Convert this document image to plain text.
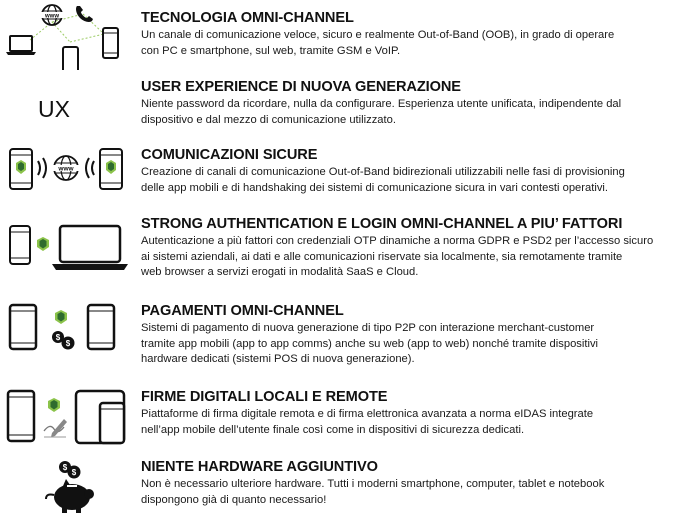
www	TECNOLOGIA OMNI-CHANNEL
Un canale di comunicazione veloce, sicuro e realmente Out-of-Band (OOB), in grado di operare
con PC e smartphone, sul web, tramite GSM e VoIP.
UX
USER EXPERIENCE DI NUOVA GENERAZIONE
Niente password da ricordare, nulla da configurare. Esperienza utente unificata, indipendente dal
dispositivo e dal mezzo di comunicazione utilizzato.
www
COMUNICAZIONI SICURE
Creazione di canali di comunicazione Out-of-Band bidirezionali utilizzabili nelle fasi di provisioning
delle app mobili e di handshaking dei sistemi di comunicazione sicura in vari contesti operativi.
STRONG AUTHENTICATION E LOGIN OMNI-CHANNEL A PIU’ FATTORI
Autenticazione a più fattori con credenziali OTP dinamiche a norma GDPR e PSD2 per l’accesso sicuro
ai sistemi aziendali, ai dati e alle comunicazioni riservate sia localmente, sia remotamente tramite
web browser a servizi erogati in modalità SaaS e Cloud.
$
$
PAGAMENTI OMNI-CHANNEL
Sistemi di pagamento di nuova generazione di tipo P2P con interazione merchant-customer
tramite app mobili (app to app comms) anche su web (app to web) nonché tramite dispositivi
hardware dedicati (sistemi POS di nuova generazione).
FIRME DIGITALI LOCALI E REMOTE
Piattaforme di firma digitale remota e di firma elettronica avanzata a norma eIDAS integrate
nell’app mobile dell’utente finale così come in dispositivi di sicurezza dedicati.
$
$	NIENTE HARDWARE AGGIUNTIVO
Non è necessario ulteriore hardware. Tutti i moderni smartphone, computer, tablet e notebook
dispongono già di quanto necessario!
